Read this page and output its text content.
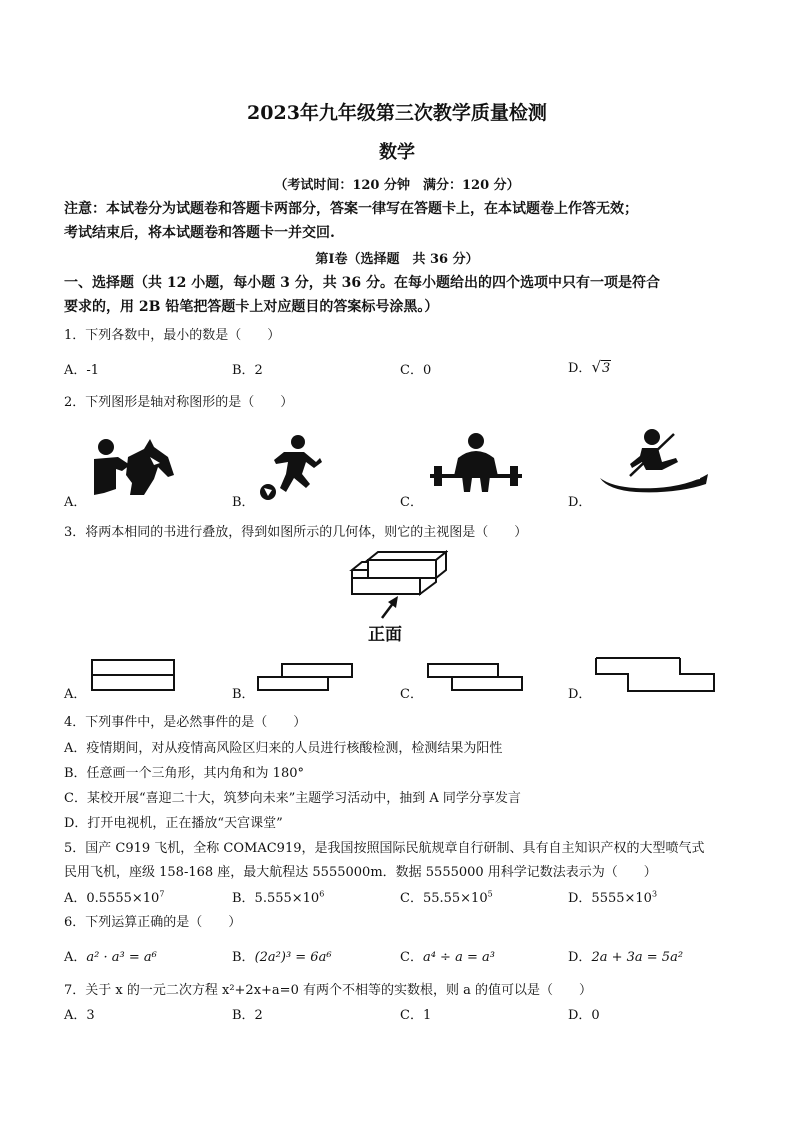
2023年九年级第三次教学质量检测
数学
（考试时间：120 分钟　满分：120 分）
注意：本试卷分为试题卷和答题卡两部分，答案一律写在答题卡上，在本试题卷上作答无效；
考试结束后，将本试题卷和答题卡一并交回.
第Ⅰ卷（选择题　共 36 分）
一、选择题（共 12 小题，每小题 3 分，共 36 分。在每小题给出的四个选项中只有一项是符合
要求的，用 2B 铅笔把答题卡上对应题目的答案标号涂黑。）
1．下列各数中，最小的数是（　　）
A．-1	B．2	C．0	D．√3
2．下列图形是轴对称图形的是（　　）
A．	B．	C．	D．
3．将两本相同的书进行叠放，得到如图所示的几何体，则它的主视图是（　　）
正面
A．	B．	C．	D．
4．下列事件中，是必然事件的是（　　）
A．疫情期间，对从疫情高风险区归来的人员进行核酸检测，检测结果为阳性
B．任意画一个三角形，其内角和为 180°
C．某校开展“喜迎二十大，筑梦向未来”主题学习活动中，抽到 A 同学分享发言
D．打开电视机，正在播放“天宫课堂”
5．国产 C919 飞机，全称 COMAC919，是我国按照国际民航规章自行研制、具有自主知识产权的大型喷气式
民用飞机，座级 158-168 座，最大航程达 5555000m．数据 5555000 用科学记数法表示为（　　）
A．$0.5555\times 10^7$	B．$5.555\times 10^6$	C．$55.55\times 10^5$	D．$5555\times 10^3$
6．下列运算正确的是（　　）
A．a² · a³ = a⁶	B．(2a²)³ = 6a⁶	C．a⁴ ÷ a = a³	D．2a + 3a = 5a²
7．关于 x 的一元二次方程 x²+2x+a=0 有两个不相等的实数根，则 a 的值可以是（　　）
A．3	B．2	C．1	D．0
